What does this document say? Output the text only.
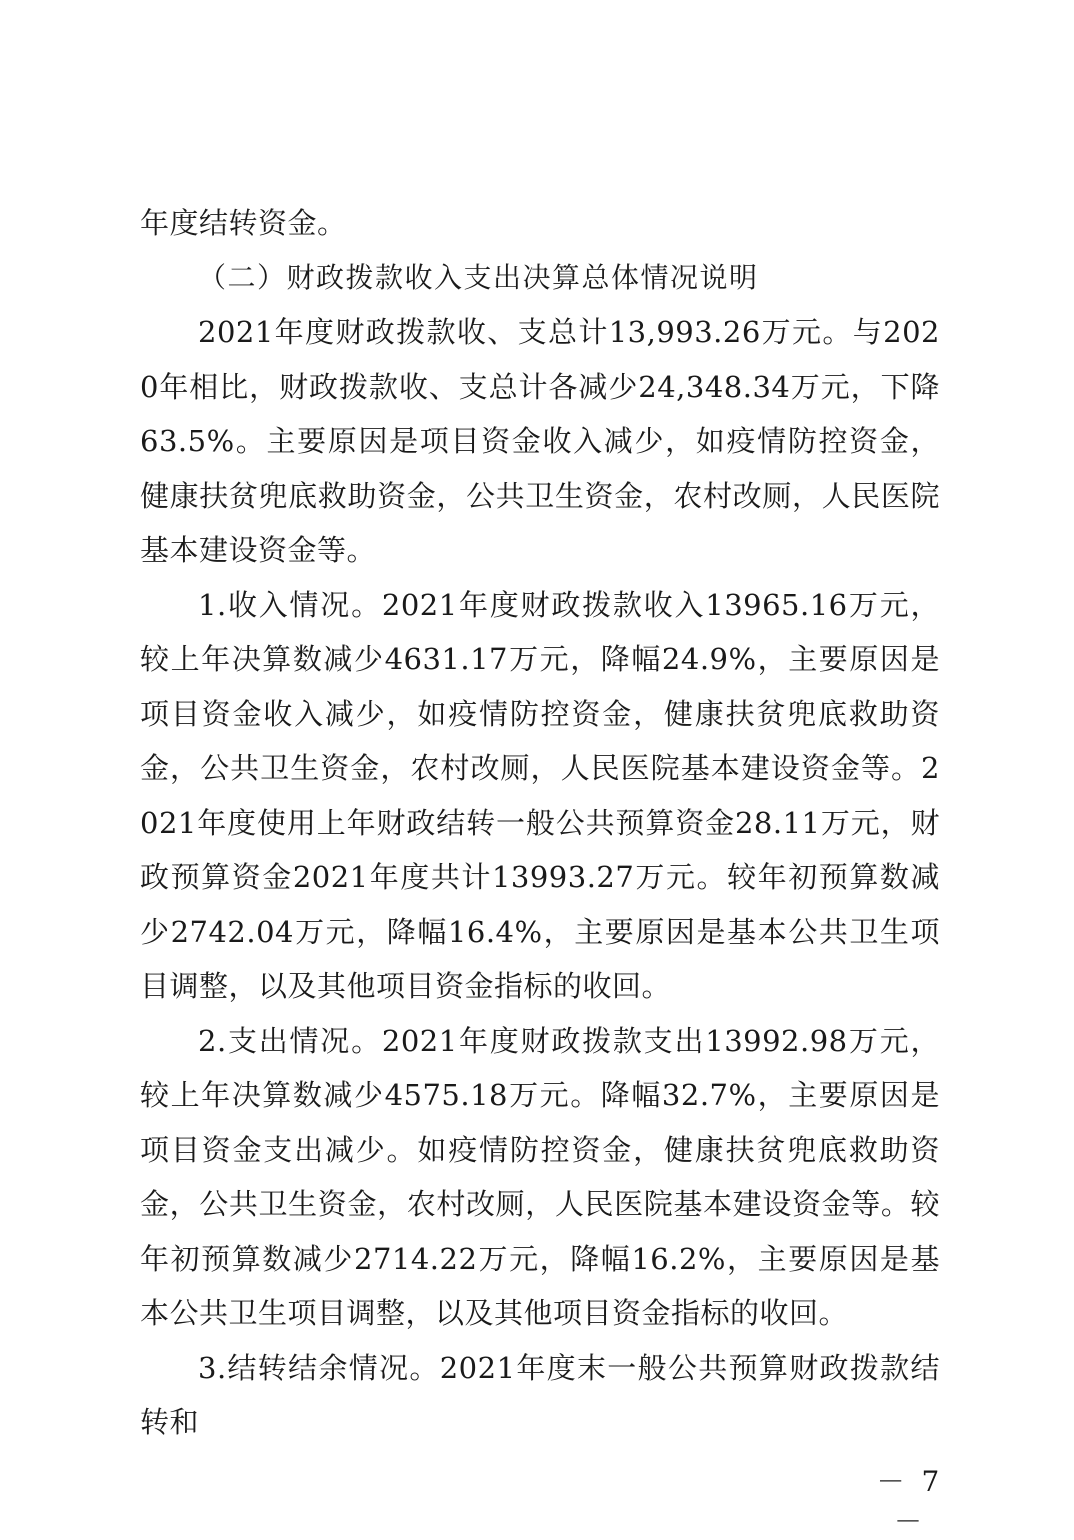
年度结转资金。

（二）财政拨款收入支出决算总体情况说明

2021年度财政拨款收、支总计13,993.26万元。与2020年相比，财政拨款收、支总计各减少24,348.34万元，下降63.5%。主要原因是项目资金收入减少，如疫情防控资金，健康扶贫兜底救助资金，公共卫生资金，农村改厕，人民医院基本建设资金等。

1.收入情况。2021年度财政拨款收入13965.16万元，较上年决算数减少4631.17万元，降幅24.9%，主要原因是项目资金收入减少，如疫情防控资金，健康扶贫兜底救助资金，公共卫生资金，农村改厕，人民医院基本建设资金等。2021年度使用上年财政结转一般公共预算资金28.11万元，财政预算资金2021年度共计13993.27万元。较年初预算数减少2742.04万元，降幅16.4%，主要原因是基本公共卫生项目调整，以及其他项目资金指标的收回。

2.支出情况。2021年度财政拨款支出13992.98万元，较上年决算数减少4575.18万元。降幅32.7%，主要原因是项目资金支出减少。如疫情防控资金，健康扶贫兜底救助资金，公共卫生资金，农村改厕，人民医院基本建设资金等。较年初预算数减少2714.22万元，降幅16.2%，主要原因是基本公共卫生项目调整，以及其他项目资金指标的收回。

3.结转结余情况。2021年度末一般公共预算财政拨款结转和

－ 7 －
